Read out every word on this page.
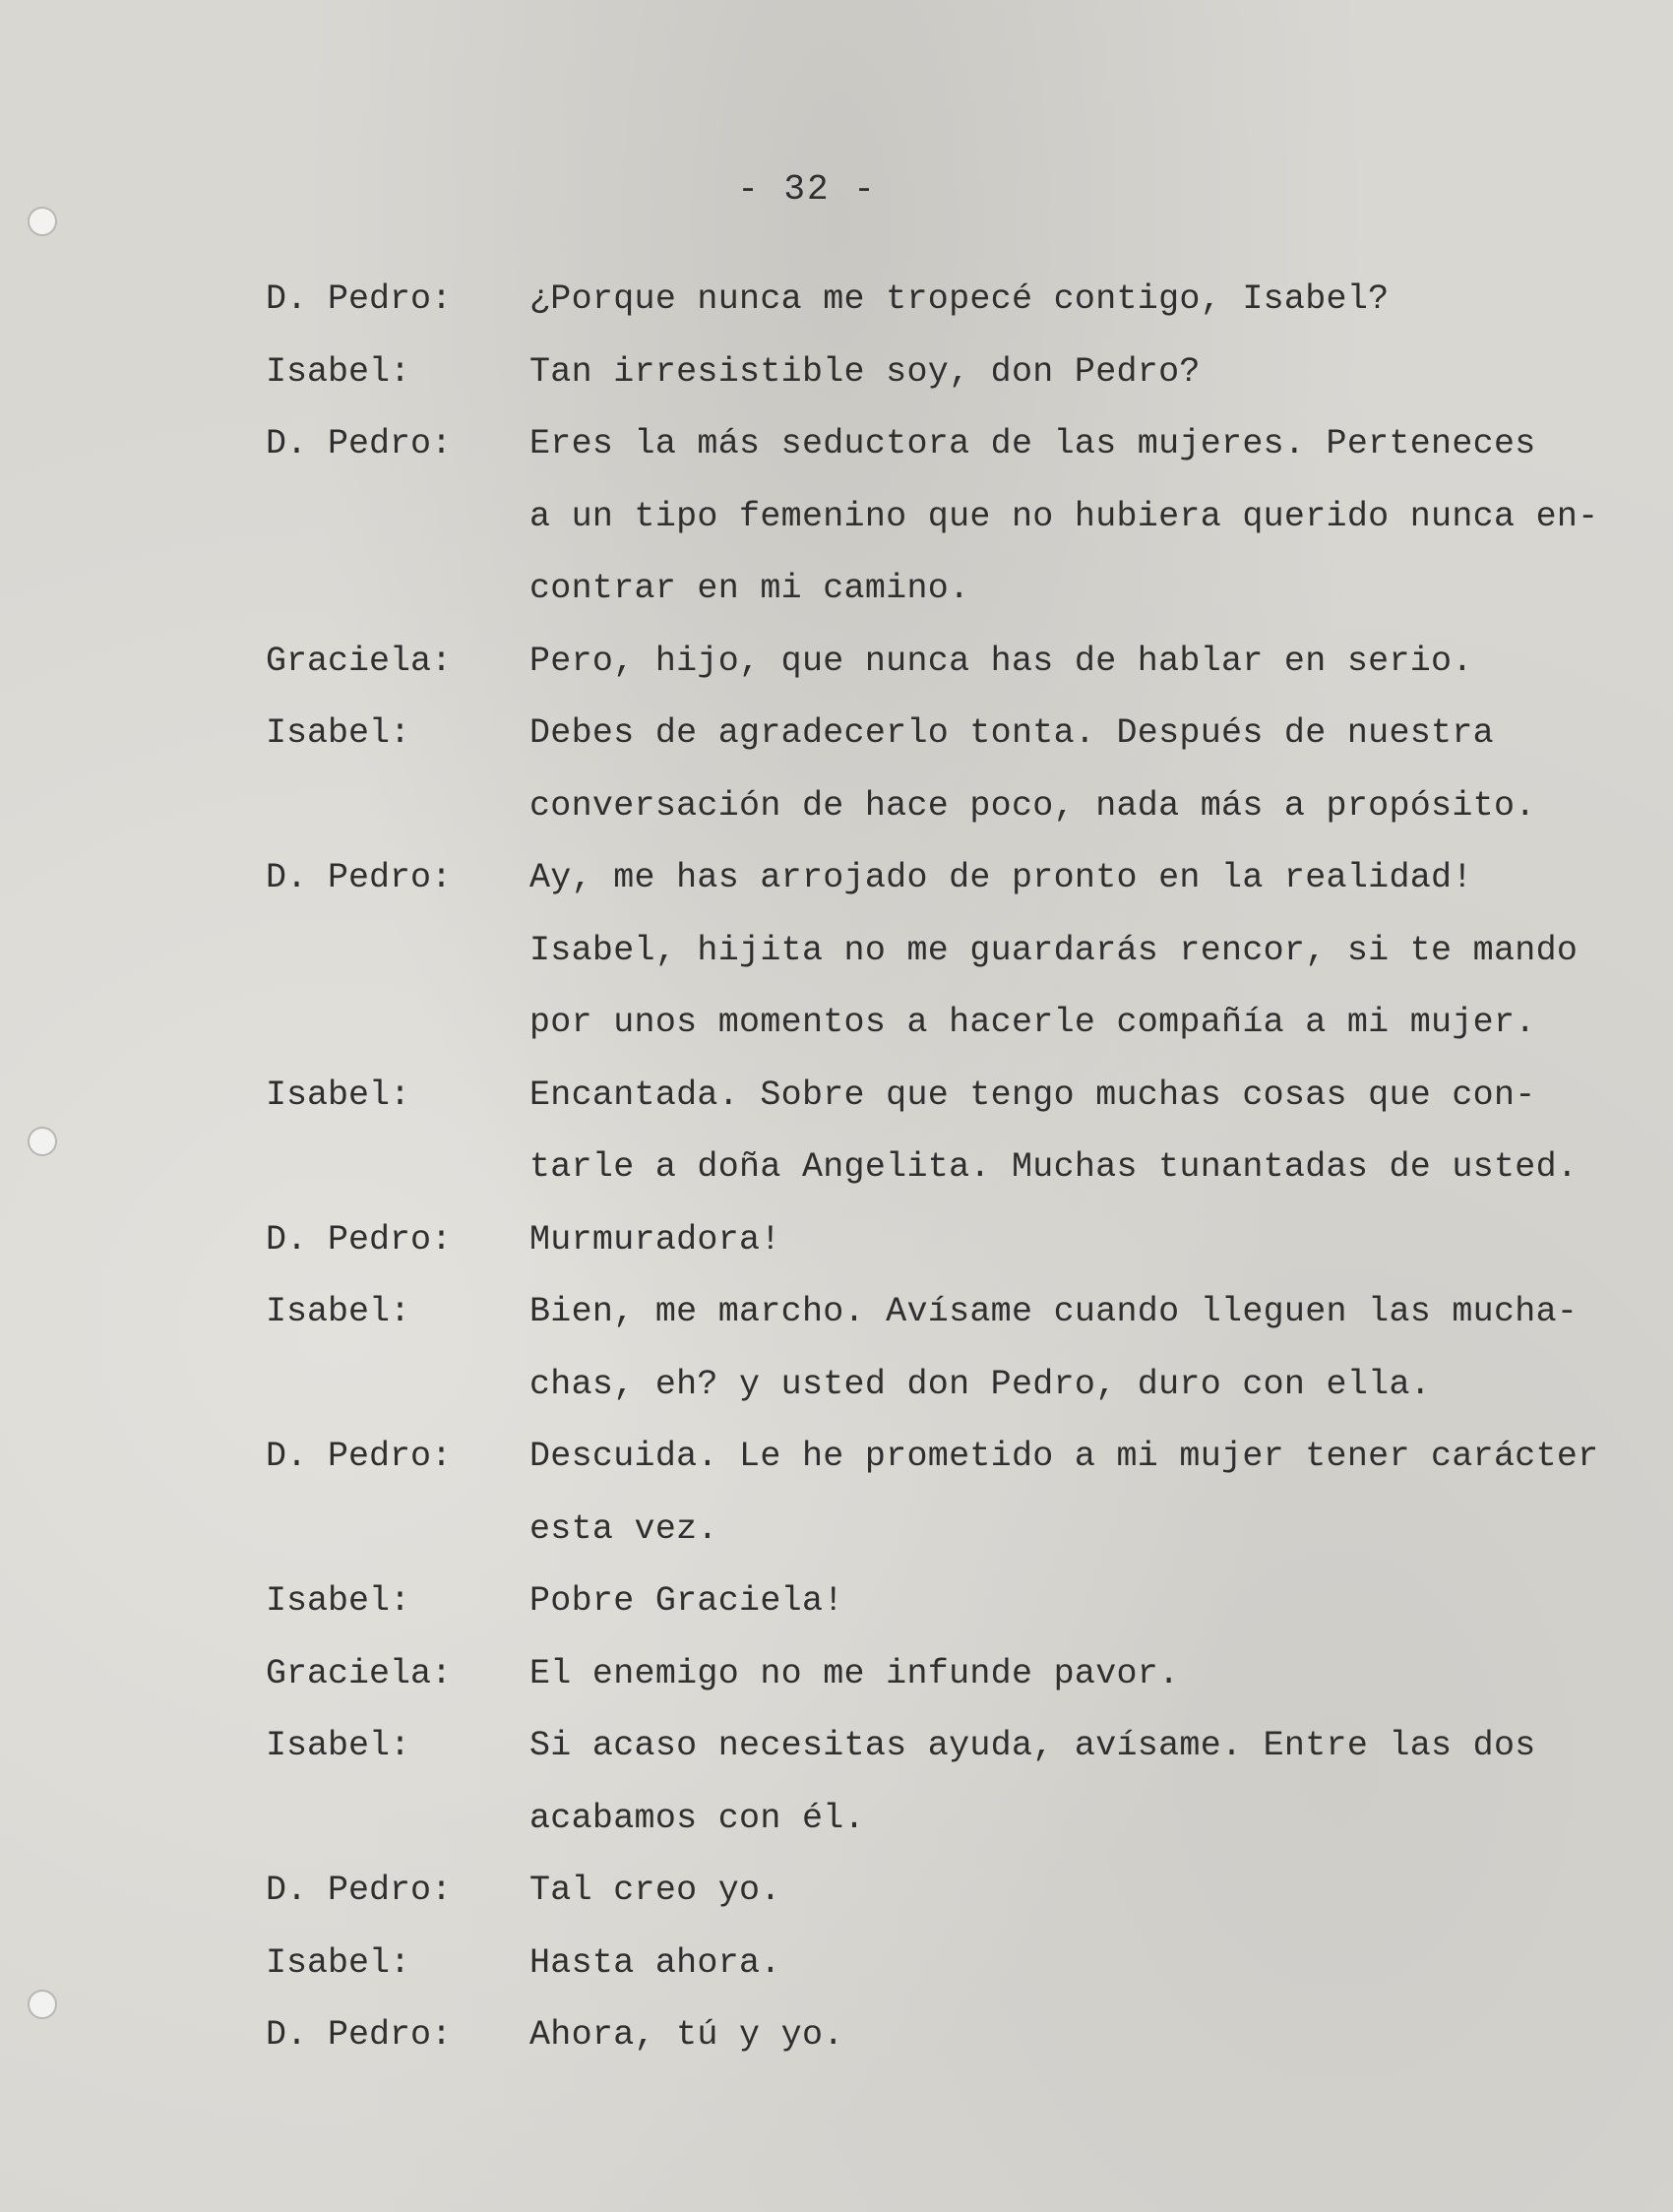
- 32 -
D. Pedro:	¿Porque nunca me tropecé contigo, Isabel?
Isabel:	Tan irresistible soy, don Pedro?
D. Pedro:	Eres la más seductora de las mujeres. Perteneces
a un tipo femenino que no hubiera querido nunca en-
contrar en mi camino.
Graciela:	Pero, hijo, que nunca has de hablar en serio.
Isabel:	Debes de agradecerlo tonta. Después de nuestra
conversación de hace poco, nada más a propósito.
D. Pedro:	Ay, me has arrojado de pronto en la realidad!
Isabel, hijita no me guardarás rencor, si te mando
por unos momentos a hacerle compañía a mi mujer.
Isabel:	Encantada. Sobre que tengo muchas cosas que con-
tarle a doña Angelita. Muchas tunantadas de usted.
D. Pedro:	Murmuradora!
Isabel:	Bien, me marcho. Avísame cuando lleguen las mucha-
chas, eh? y usted don Pedro, duro con ella.
D. Pedro:	Descuida. Le he prometido a mi mujer tener carácter
esta vez.
Isabel:	Pobre Graciela!
Graciela:	El enemigo no me infunde pavor.
Isabel:	Si acaso necesitas ayuda, avísame. Entre las dos
acabamos con él.
D. Pedro:	Tal creo yo.
Isabel:	Hasta ahora.
D. Pedro:	Ahora, tú y yo.
